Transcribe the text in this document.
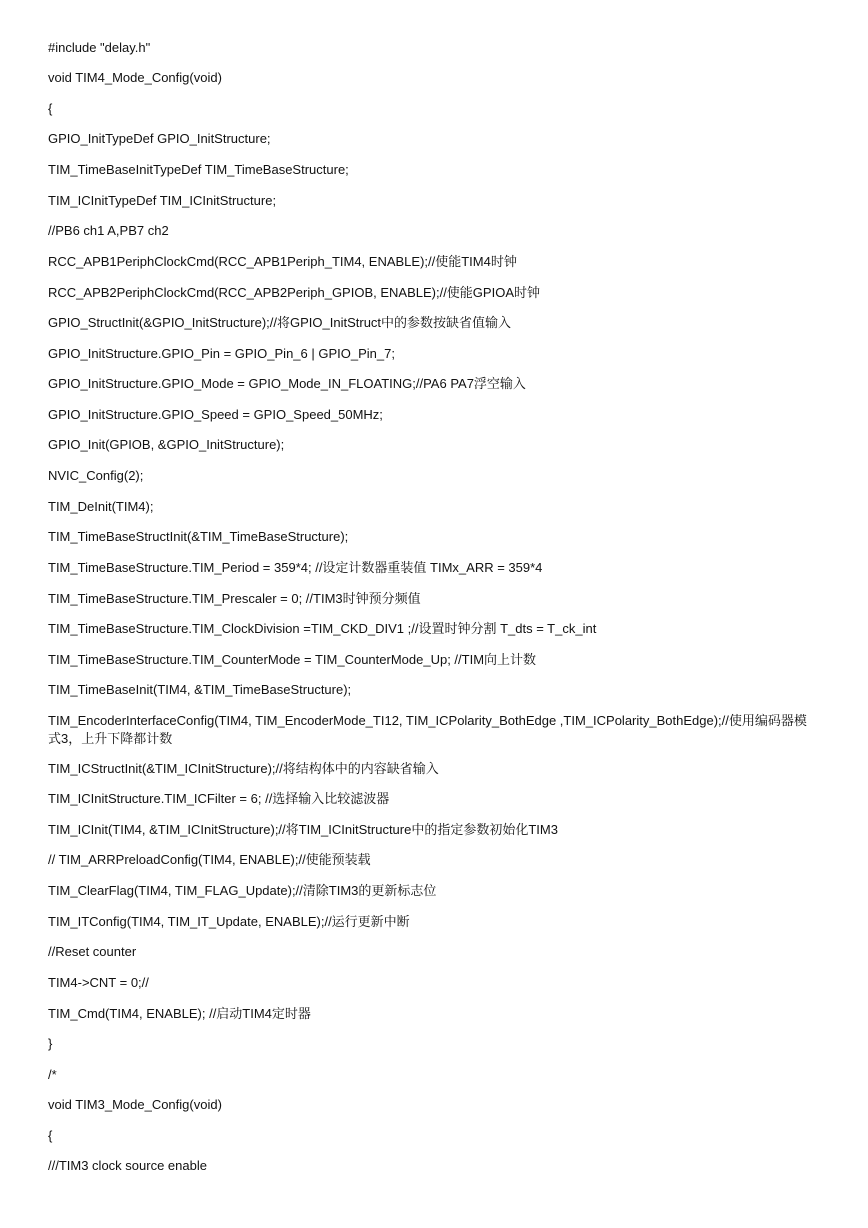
#include "delay.h"

void TIM4_Mode_Config(void)

{

GPIO_InitTypeDef GPIO_InitStructure;

TIM_TimeBaseInitTypeDef TIM_TimeBaseStructure;

TIM_ICInitTypeDef TIM_ICInitStructure;

//PB6 ch1 A,PB7 ch2

RCC_APB1PeriphClockCmd(RCC_APB1Periph_TIM4, ENABLE);//使能TIM4时钟

RCC_APB2PeriphClockCmd(RCC_APB2Periph_GPIOB, ENABLE);//使能GPIOA时钟

GPIO_StructInit(&GPIO_InitStructure);//将GPIO_InitStruct中的参数按缺省值输入

GPIO_InitStructure.GPIO_Pin = GPIO_Pin_6 | GPIO_Pin_7;

GPIO_InitStructure.GPIO_Mode = GPIO_Mode_IN_FLOATING;//PA6 PA7浮空输入

GPIO_InitStructure.GPIO_Speed = GPIO_Speed_50MHz;

GPIO_Init(GPIOB, &GPIO_InitStructure);

NVIC_Config(2);

TIM_DeInit(TIM4);

TIM_TimeBaseStructInit(&TIM_TimeBaseStructure);

TIM_TimeBaseStructure.TIM_Period = 359*4; //设定计数器重装值 TIMx_ARR = 359*4

TIM_TimeBaseStructure.TIM_Prescaler = 0; //TIM3时钟预分频值

TIM_TimeBaseStructure.TIM_ClockDivision =TIM_CKD_DIV1 ;//设置时钟分割 T_dts = T_ck_int

TIM_TimeBaseStructure.TIM_CounterMode = TIM_CounterMode_Up; //TIM向上计数

TIM_TimeBaseInit(TIM4, &TIM_TimeBaseStructure);

TIM_EncoderInterfaceConfig(TIM4, TIM_EncoderMode_TI12, TIM_ICPolarity_BothEdge ,TIM_ICPolarity_BothEdge);//使用编码器模式3，上升下降都计数

TIM_ICStructInit(&TIM_ICInitStructure);//将结构体中的内容缺省输入

TIM_ICInitStructure.TIM_ICFilter = 6; //选择输入比较滤波器

TIM_ICInit(TIM4, &TIM_ICInitStructure);//将TIM_ICInitStructure中的指定参数初始化TIM3

// TIM_ARRPreloadConfig(TIM4, ENABLE);//使能预装载

TIM_ClearFlag(TIM4, TIM_FLAG_Update);//清除TIM3的更新标志位

TIM_ITConfig(TIM4, TIM_IT_Update, ENABLE);//运行更新中断

//Reset counter

TIM4->CNT = 0;//

TIM_Cmd(TIM4, ENABLE); //启动TIM4定时器

}

/*

void TIM3_Mode_Config(void)

{

///TIM3 clock source enable
